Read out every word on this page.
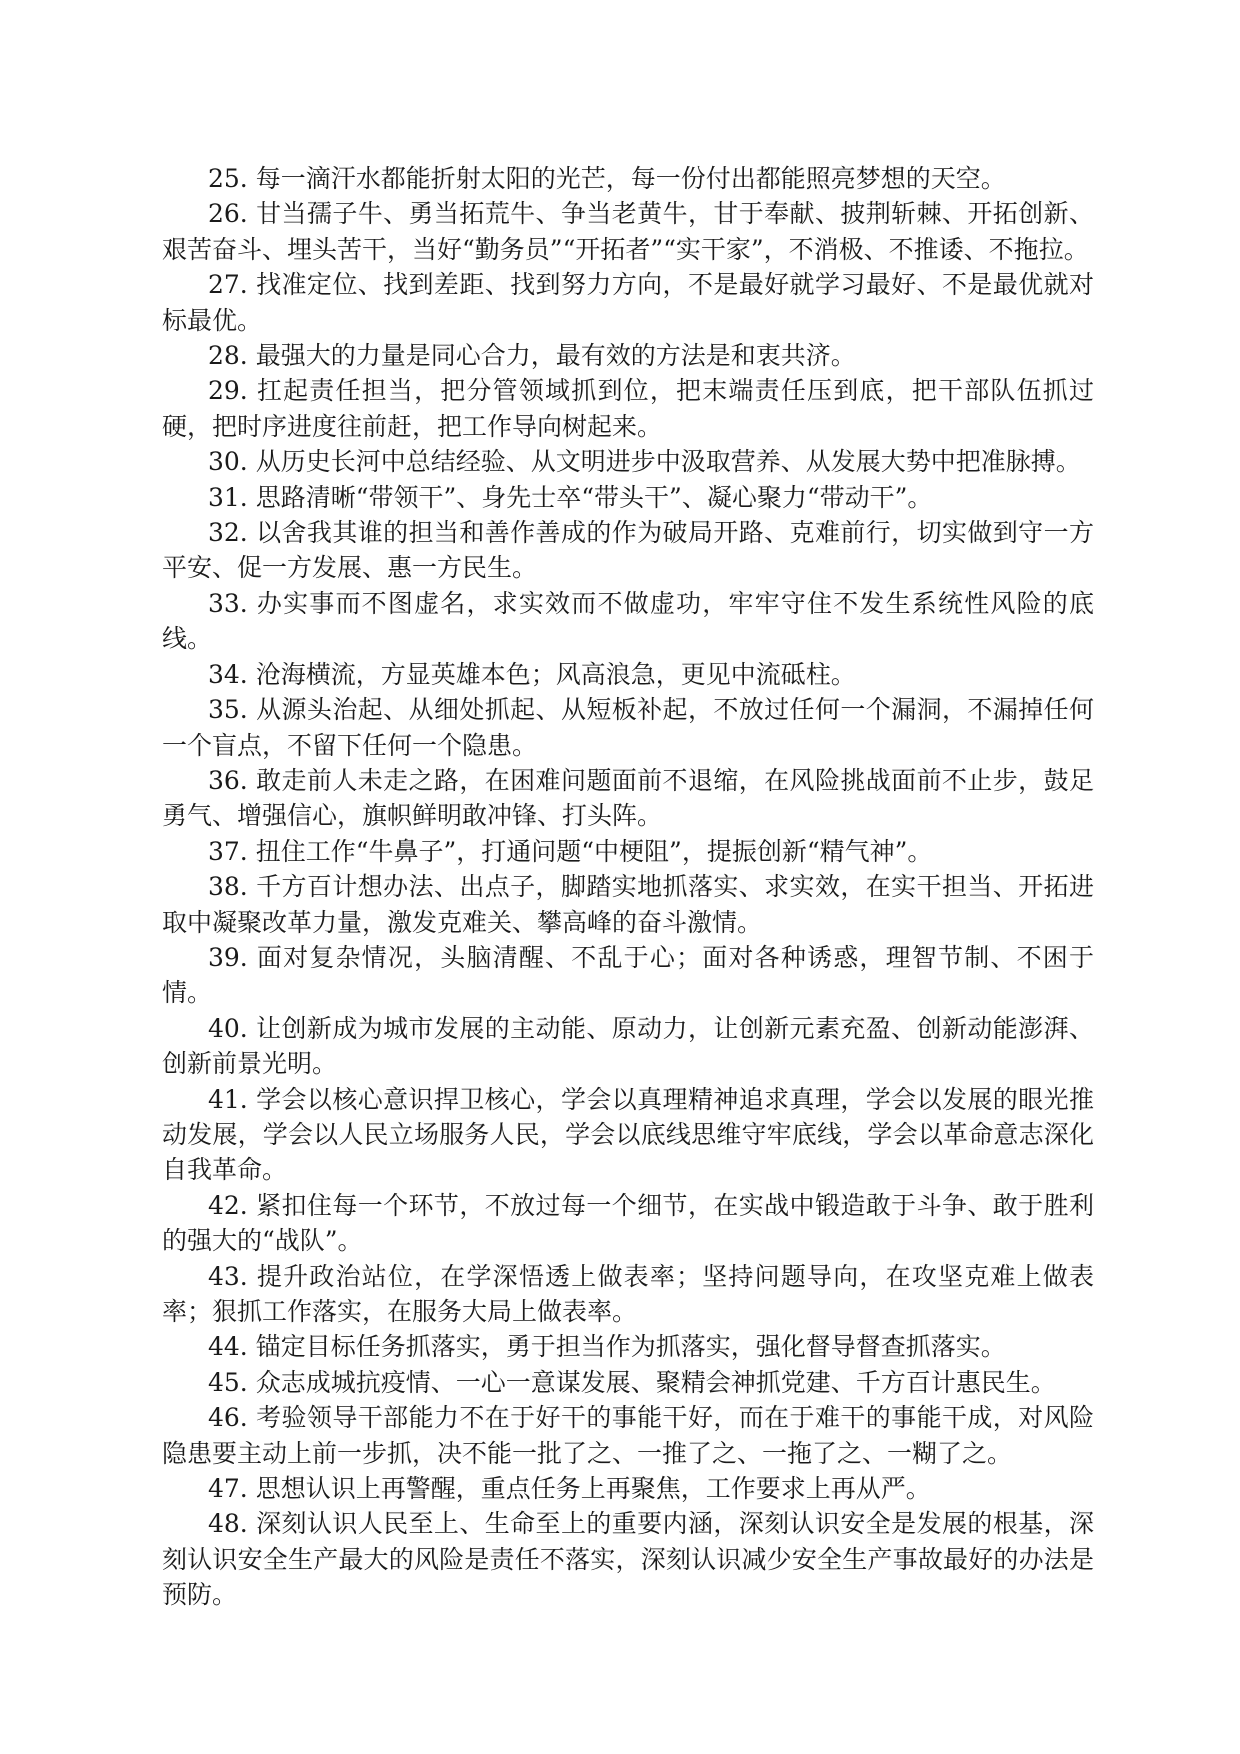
25. 每一滴汗水都能折射太阳的光芒，每一份付出都能照亮梦想的天空。

26. 甘当孺子牛、勇当拓荒牛、争当老黄牛，甘于奉献、披荆斩棘、开拓创新、艰苦奋斗、埋头苦干，当好“勤务员”“开拓者”“实干家”，不消极、不推诿、不拖拉。

27. 找准定位、找到差距、找到努力方向，不是最好就学习最好、不是最优就对标最优。

28. 最强大的力量是同心合力，最有效的方法是和衷共济。

29. 扛起责任担当，把分管领域抓到位，把末端责任压到底，把干部队伍抓过硬，把时序进度往前赶，把工作导向树起来。

30. 从历史长河中总结经验、从文明进步中汲取营养、从发展大势中把准脉搏。

31. 思路清晰“带领干”、身先士卒“带头干”、凝心聚力“带动干”。

32. 以舍我其谁的担当和善作善成的作为破局开路、克难前行，切实做到守一方平安、促一方发展、惠一方民生。

33. 办实事而不图虚名，求实效而不做虚功，牢牢守住不发生系统性风险的底线。

34. 沧海横流，方显英雄本色；风高浪急，更见中流砥柱。

35. 从源头治起、从细处抓起、从短板补起，不放过任何一个漏洞，不漏掉任何一个盲点，不留下任何一个隐患。

36. 敢走前人未走之路，在困难问题面前不退缩，在风险挑战面前不止步，鼓足勇气、增强信心，旗帜鲜明敢冲锋、打头阵。

37. 扭住工作“牛鼻子”，打通问题“中梗阻”，提振创新“精气神”。

38. 千方百计想办法、出点子，脚踏实地抓落实、求实效，在实干担当、开拓进取中凝聚改革力量，激发克难关、攀高峰的奋斗激情。

39. 面对复杂情况，头脑清醒、不乱于心；面对各种诱惑，理智节制、不困于情。

40. 让创新成为城市发展的主动能、原动力，让创新元素充盈、创新动能澎湃、创新前景光明。

41. 学会以核心意识捍卫核心，学会以真理精神追求真理，学会以发展的眼光推动发展，学会以人民立场服务人民，学会以底线思维守牢底线，学会以革命意志深化自我革命。

42. 紧扣住每一个环节，不放过每一个细节，在实战中锻造敢于斗争、敢于胜利的强大的“战队”。

43. 提升政治站位，在学深悟透上做表率；坚持问题导向，在攻坚克难上做表率；狠抓工作落实，在服务大局上做表率。

44. 锚定目标任务抓落实，勇于担当作为抓落实，强化督导督查抓落实。

45. 众志成城抗疫情、一心一意谋发展、聚精会神抓党建、千方百计惠民生。

46. 考验领导干部能力不在于好干的事能干好，而在于难干的事能干成，对风险隐患要主动上前一步抓，决不能一批了之、一推了之、一拖了之、一糊了之。

47. 思想认识上再警醒，重点任务上再聚焦，工作要求上再从严。

48. 深刻认识人民至上、生命至上的重要内涵，深刻认识安全是发展的根基，深刻认识安全生产最大的风险是责任不落实，深刻认识减少安全生产事故最好的办法是预防。
